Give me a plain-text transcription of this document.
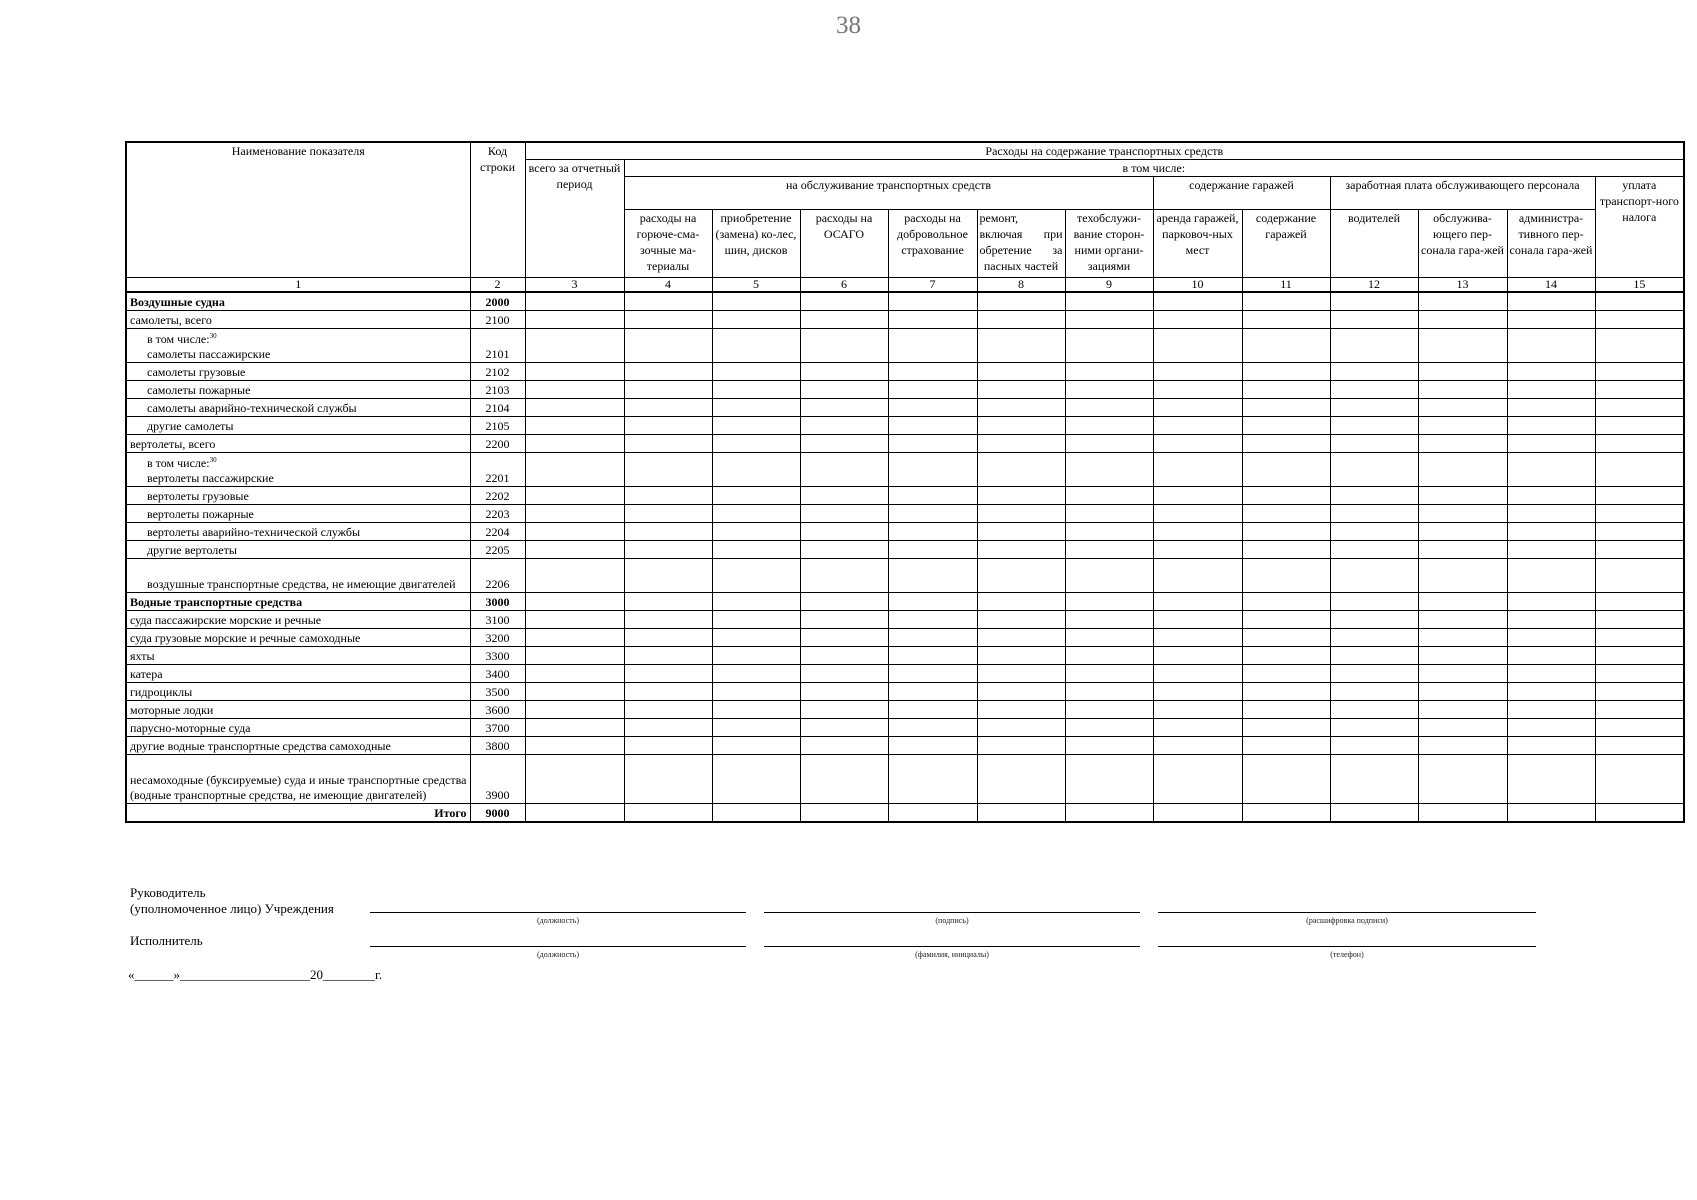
38
Наименование показателя	Код строки	Расходы на содержание транспортных средств												
		всего за отчетный период	в том числе:											
			на обслуживание транспортных средств						содержание гаражей		заработная плата обслуживающего персонала			уплата транспорт-ного налога
			расходы на горюче-сма-зочные ма-териалы	приобретение (замена) ко-лес, шин, дисков	расходы на ОСАГО	расходы на добровольное страхование	ремонт, включая при обретение за пасных частей	техобслужи-вание сторон-ними органи-зациями	аренда гаражей, парковоч-ных мест	содержание гаражей	водителей	обслужива-ющего пер-сонала гара-жей	администра-тивного пер-сонала гара-жей	
1	2	3	4	5	6	7	8	9	10	11	12	13	14	15
Воздушные судна	2000													
самолеты, всего	2100													

в том числе:$^{30}$
самолеты пассажирские	2101													
самолеты грузовые	2102													
самолеты пожарные	2103													
самолеты аварийно-технической службы	2104													
другие самолеты	2105													
вертолеты, всего	2200													

в том числе:$^{30}$
вертолеты пассажирские	2201													
вертолеты грузовые	2202													
вертолеты пожарные	2203													
вертолеты аварийно-технической службы	2204													
другие вертолеты	2205													
воздушные транспортные средства, не имеющие двигателей	2206													
Водные транспортные средства	3000													
суда пассажирские морские и речные	3100													
суда грузовые морские и речные самоходные	3200													
яхты	3300													
катера	3400													
гидроциклы	3500													
моторные лодки	3600													
парусно-моторные суда	3700													
другие водные транспортные средства самоходные	3800													
несамоходные (буксируемые) суда и иные транспортные средства (водные транспортные средства, не имеющие двигателей)	3900													
Итого	9000													
Руководитель
(уполномоченное лицо) Учреждения
(должность)	(подпись)	(расшифровка подписи)
Исполнитель
(должность)	(фамилия, инициалы)	(телефон)
«______»____________________20________г.
